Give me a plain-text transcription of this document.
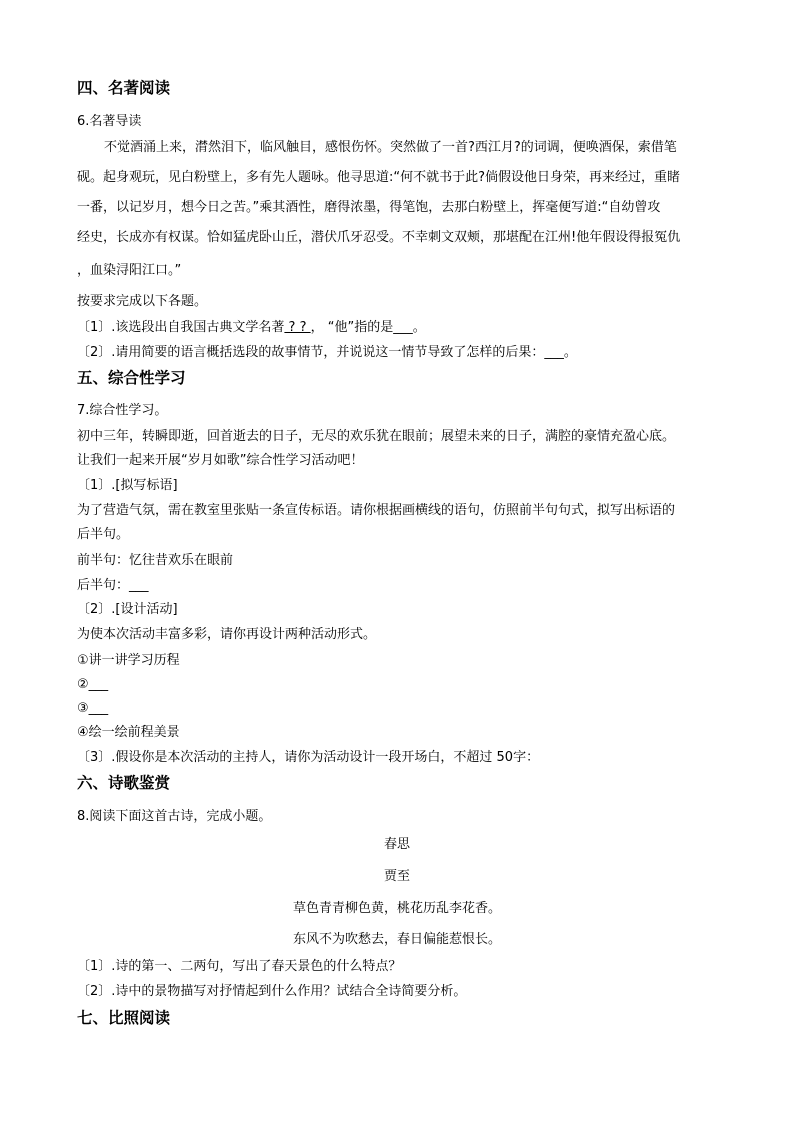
四、名著阅读
6.名著导读
不觉酒涌上来，潸然泪下，临风触目，感恨伤怀。突然做了一首?西江月?的词调，便唤酒保，索借笔
砚。起身观玩，见白粉壁上，多有先人题咏。他寻思道:“何不就书于此?倘假设他日身荣，再来经过，重睹
一番，以记岁月，想今日之苦。”乘其酒性，磨得浓墨，得笔饱，去那白粉壁上，挥毫便写道:“自幼曾攻
经史，长成亦有权谋。恰如猛虎卧山丘，潜伏爪牙忍受。不幸刺文双颊，那堪配在江州!他年假设得报冤仇
，血染浔阳江口。”
按要求完成以下各题。
〔1〕.该选段出自我国古典文学名著 ? ? ， “他”指的是___。
〔2〕.请用简要的语言概括选段的故事情节，并说说这一情节导致了怎样的后果：___。
五、综合性学习
7.综合性学习。
初中三年，转瞬即逝，回首逝去的日子，无尽的欢乐犹在眼前；展望未来的日子，满腔的豪情充盈心底。
让我们一起来开展“岁月如歌”综合性学习活动吧！
〔1〕.[拟写标语]
为了营造气氛，需在教室里张贴一条宣传标语。请你根据画横线的语句，仿照前半句句式，拟写出标语的
后半句。
前半句：忆往昔欢乐在眼前
后半句：___
〔2〕.[设计活动]
为使本次活动丰富多彩，请你再设计两种活动形式。
①讲一讲学习历程
②___
③___
④绘一绘前程美景
〔3〕.假设你是本次活动的主持人，请你为活动设计一段开场白，不超过 50字：
六、诗歌鉴赏
8.阅读下面这首古诗，完成小题。
春思
贾至
草色青青柳色黄，桃花历乱李花香。
东风不为吹愁去，春日偏能惹恨长。
〔1〕.诗的第一、二两句，写出了春天景色的什么特点？
〔2〕.诗中的景物描写对抒情起到什么作用？试结合全诗简要分析。
七、比照阅读
